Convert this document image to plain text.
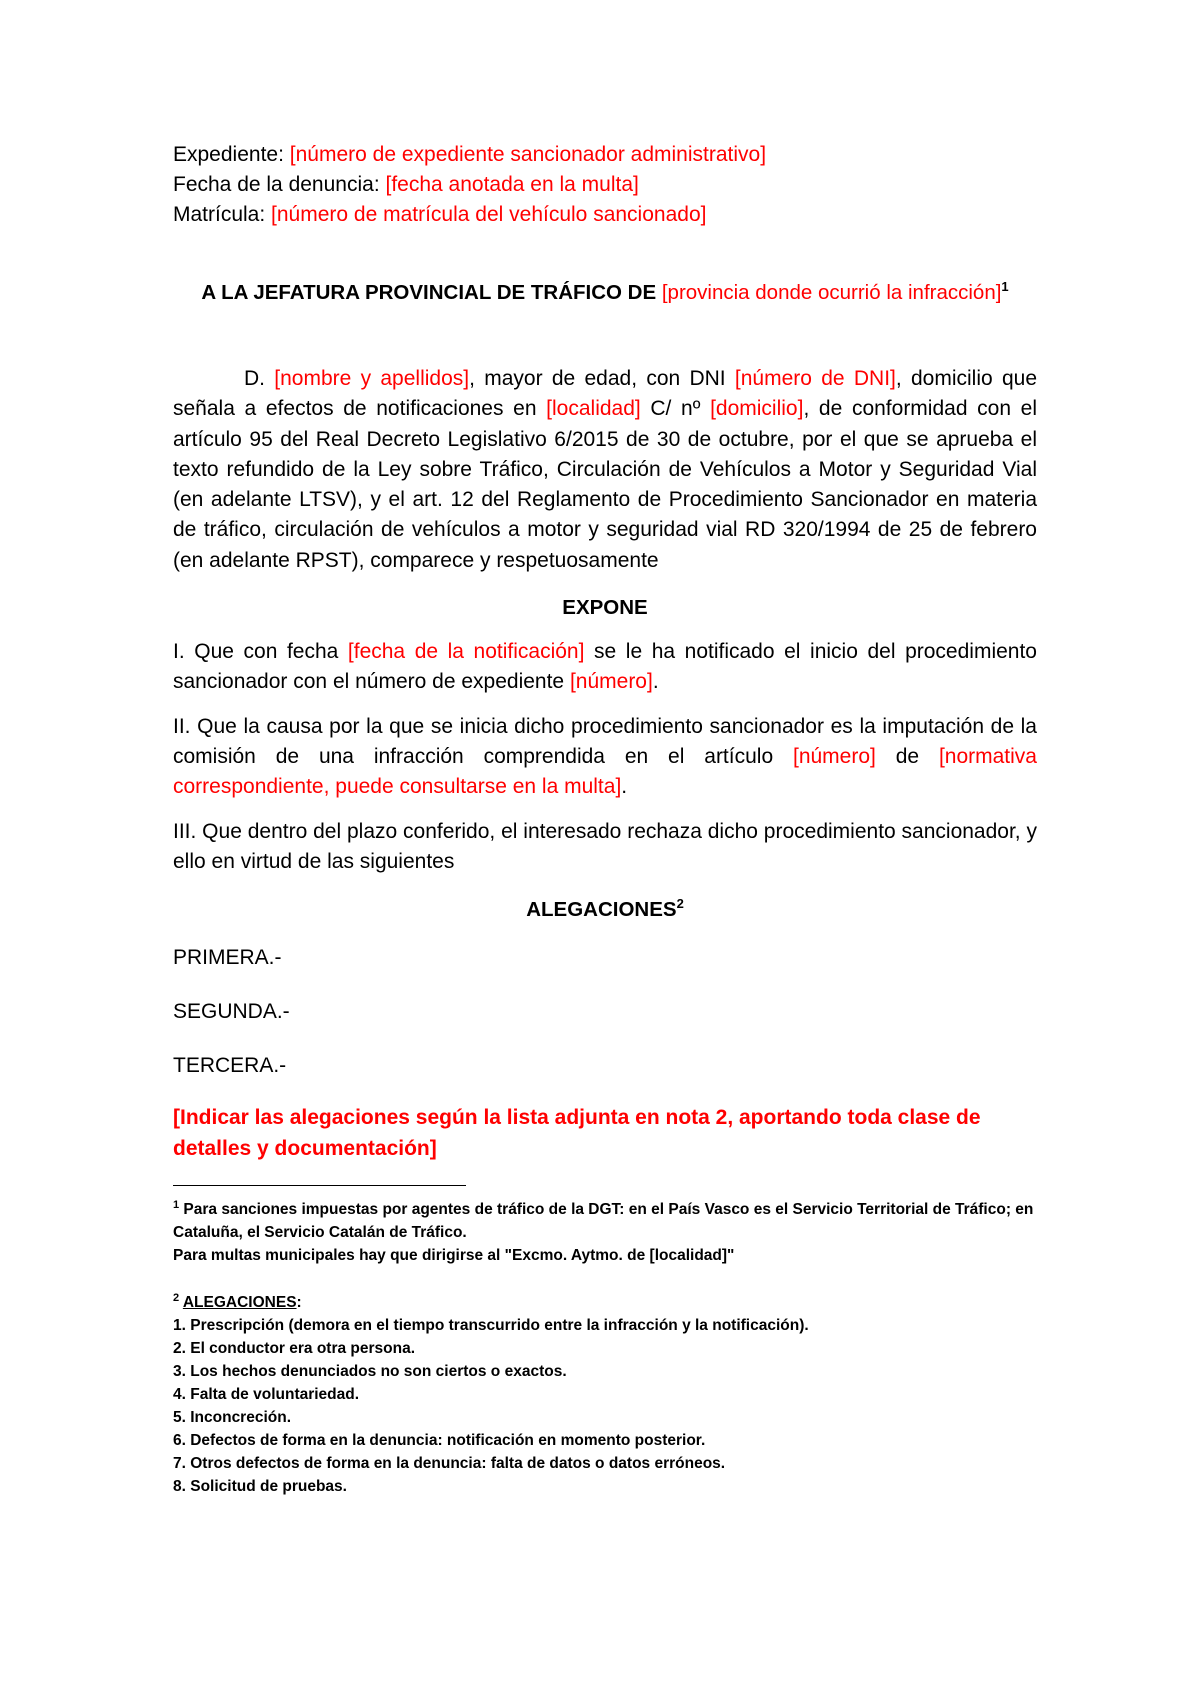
Expediente: [número de expediente sancionador administrativo]
Fecha de la denuncia: [fecha anotada en la multa]
Matrícula: [número de matrícula del vehículo sancionado]
A LA JEFATURA PROVINCIAL DE TRÁFICO DE [provincia donde ocurrió la infracción]$^1$

D. [nombre y apellidos], mayor de edad, con DNI [número de DNI], domicilio que señala a efectos de notificaciones en [localidad] C/ nº [domicilio], de conformidad con el artículo 95 del Real Decreto Legislativo 6/2015 de 30 de octubre, por el que se aprueba el texto refundido de la Ley sobre Tráfico, Circulación de Vehículos a Motor y Seguridad Vial (en adelante LTSV), y el art. 12 del Reglamento de Procedimiento Sancionador en materia de tráfico, circulación de vehículos a motor y seguridad vial RD 320/1994 de 25 de febrero (en adelante RPST), comparece y respetuosamente

EXPONE

I. Que con fecha [fecha de la notificación] se le ha notificado el inicio del procedimiento sancionador con el número de expediente [número].

II. Que la causa por la que se inicia dicho procedimiento sancionador es la imputación de la comisión de una infracción comprendida en el artículo [número] de [normativa correspondiente, puede consultarse en la multa].

III. Que dentro del plazo conferido, el interesado rechaza dicho procedimiento sancionador, y ello en virtud de las siguientes

ALEGACIONES$^2$
PRIMERA.-
SEGUNDA.-
TERCERA.-

[Indicar las alegaciones según la lista adjunta en nota 2, aportando toda clase de detalles y documentación]

$^1$ Para sanciones impuestas por agentes de tráfico de la DGT: en el País Vasco es el Servicio Territorial de Tráfico; en Cataluña, el Servicio Catalán de Tráfico.
Para multas municipales hay que dirigirse al "Excmo. Aytmo. de [localidad]"
$^2$ ALEGACIONES:
1. Prescripción (demora en el tiempo transcurrido entre la infracción y la notificación).
2. El conductor era otra persona.
3. Los hechos denunciados no son ciertos o exactos.
4. Falta de voluntariedad.
5. Inconcreción.
6. Defectos de forma en la denuncia: notificación en momento posterior.
7. Otros defectos de forma en la denuncia: falta de datos o datos erróneos.
8. Solicitud de pruebas.
